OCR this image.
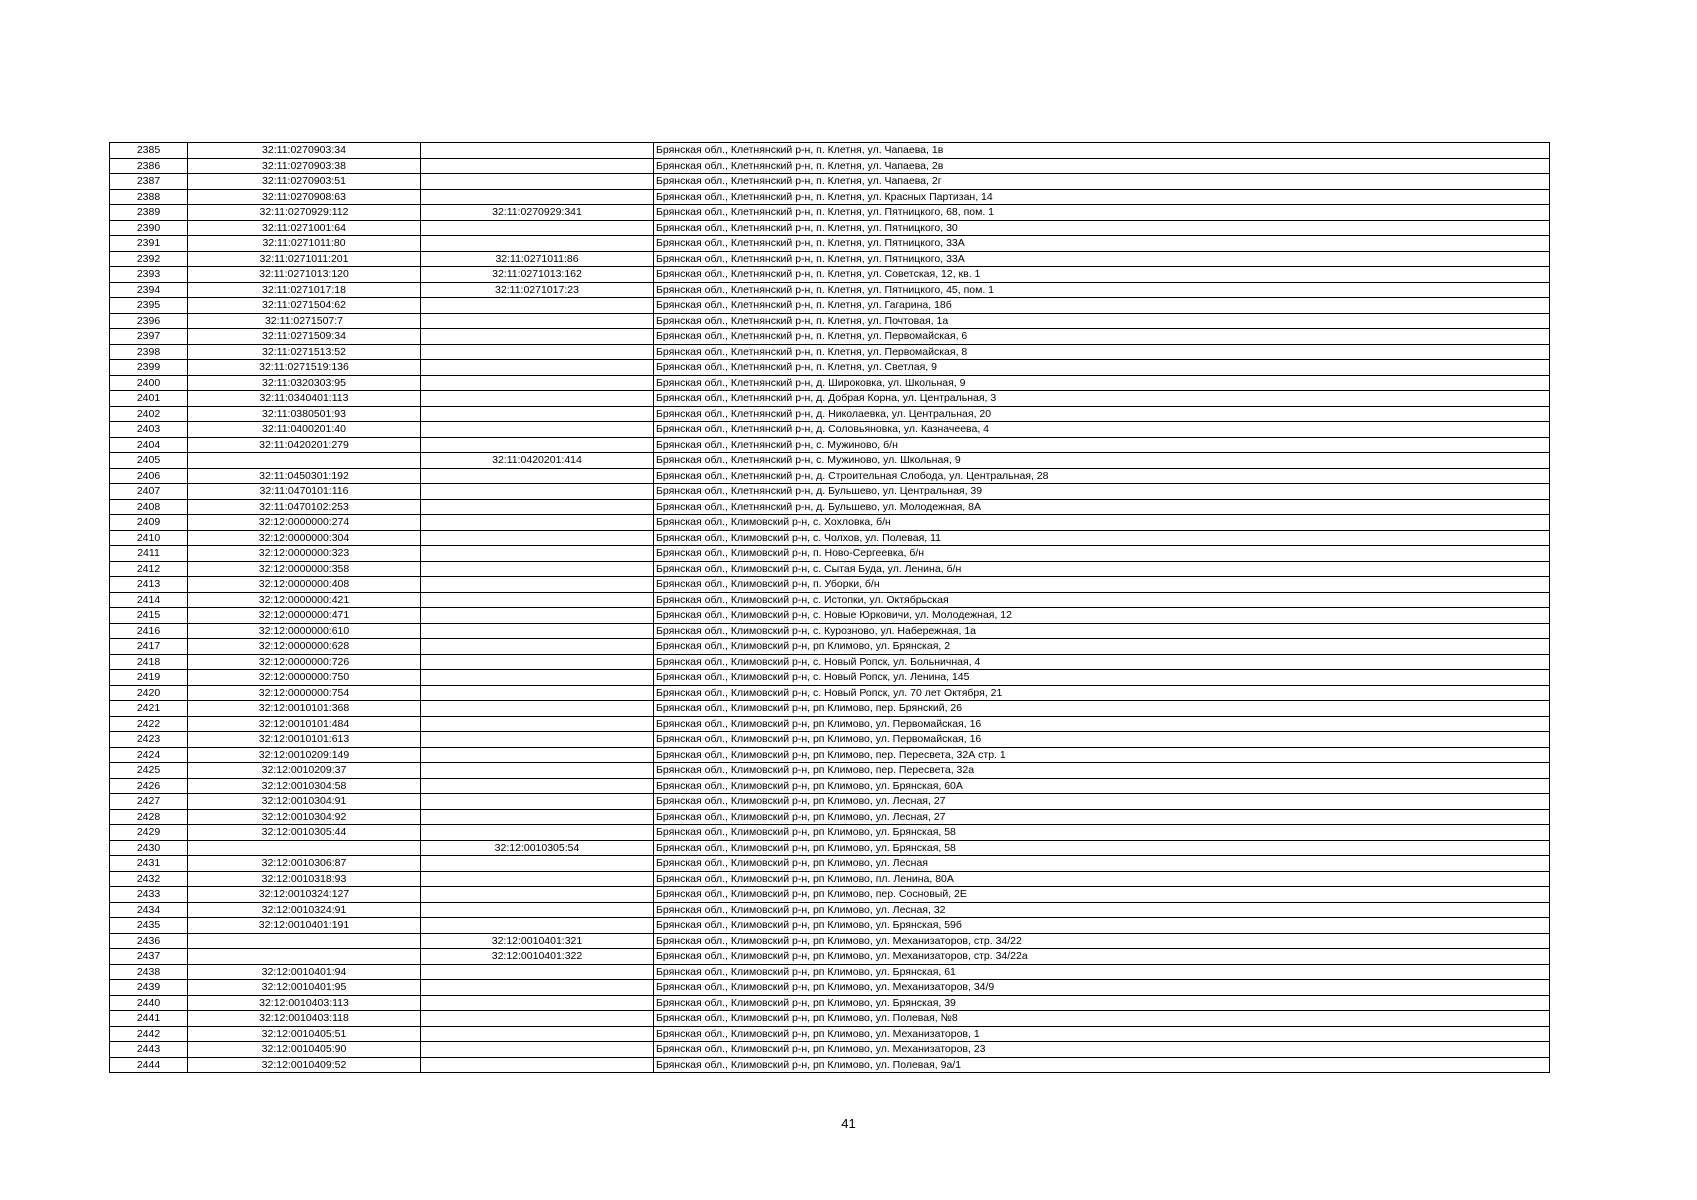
2385	32:11:0270903:34		Брянская обл., Клетнянский р-н, п. Клетня, ул. Чапаева, 1в
2386	32:11:0270903:38		Брянская обл., Клетнянский р-н, п. Клетня, ул. Чапаева, 2в
2387	32:11:0270903:51		Брянская обл., Клетнянский р-н, п. Клетня, ул. Чапаева, 2г
2388	32:11:0270908:63		Брянская обл., Клетнянский р-н, п. Клетня, ул. Красных Партизан, 14
2389	32:11:0270929:112	32:11:0270929:341	Брянская обл., Клетнянский р-н, п. Клетня, ул. Пятницкого, 68, пом. 1
2390	32:11:0271001:64		Брянская обл., Клетнянский р-н, п. Клетня, ул. Пятницкого, 30
2391	32:11:0271011:80		Брянская обл., Клетнянский р-н, п. Клетня, ул. Пятницкого, 33А
2392	32:11:0271011:201	32:11:0271011:86	Брянская обл., Клетнянский р-н, п. Клетня, ул. Пятницкого, 33А
2393	32:11:0271013:120	32:11:0271013:162	Брянская обл., Клетнянский р-н, п. Клетня, ул. Советская, 12, кв. 1
2394	32:11:0271017:18	32:11:0271017:23	Брянская обл., Клетнянский р-н, п. Клетня, ул. Пятницкого, 45, пом. 1
2395	32:11:0271504:62		Брянская обл., Клетнянский р-н, п. Клетня, ул. Гагарина, 18б
2396	32:11:0271507:7		Брянская обл., Клетнянский р-н, п. Клетня, ул. Почтовая, 1а
2397	32:11:0271509:34		Брянская обл., Клетнянский р-н, п. Клетня, ул. Первомайская, 6
2398	32:11:0271513:52		Брянская обл., Клетнянский р-н, п. Клетня, ул. Первомайская, 8
2399	32:11:0271519:136		Брянская обл., Клетнянский р-н, п. Клетня, ул. Светлая, 9
2400	32:11:0320303:95		Брянская обл., Клетнянский р-н, д. Широковка, ул. Школьная, 9
2401	32:11:0340401:113		Брянская обл., Клетнянский р-н, д. Добрая Корна, ул. Центральная, 3
2402	32:11:0380501:93		Брянская обл., Клетнянский р-н, д. Николаевка, ул. Центральная, 20
2403	32:11:0400201:40		Брянская обл., Клетнянский р-н, д. Соловьяновка, ул. Казначеева, 4
2404	32:11:0420201:279		Брянская обл., Клетнянский р-н, с. Мужиново, б/н
2405		32:11:0420201:414	Брянская обл., Клетнянский р-н, с. Мужиново, ул. Школьная, 9
2406	32:11:0450301:192		Брянская обл., Клетнянский р-н, д. Строительная Слобода, ул. Центральная, 28
2407	32:11:0470101:116		Брянская обл., Клетнянский р-н, д. Бульшево, ул. Центральная, 39
2408	32:11:0470102:253		Брянская обл., Клетнянский р-н, д. Бульшево, ул. Молодежная, 8А
2409	32:12:0000000:274		Брянская обл., Климовский р-н, с. Хохловка, б/н
2410	32:12:0000000:304		Брянская обл., Климовский р-н, с. Чолхов, ул. Полевая, 11
2411	32:12:0000000:323		Брянская обл., Климовский р-н, п. Ново-Сергеевка, б/н
2412	32:12:0000000:358		Брянская обл., Климовский р-н, с. Сытая Буда, ул. Ленина, б/н
2413	32:12:0000000:408		Брянская обл., Климовский р-н, п. Уборки, б/н
2414	32:12:0000000:421		Брянская обл., Климовский р-н, с. Истопки, ул. Октябрьская
2415	32:12:0000000:471		Брянская обл., Климовский р-н, с. Новые Юрковичи, ул. Молодежная, 12
2416	32:12:0000000:610		Брянская обл., Климовский р-н, с. Курозново, ул. Набережная, 1а
2417	32:12:0000000:628		Брянская обл., Климовский р-н, рп Климово, ул. Брянская, 2
2418	32:12:0000000:726		Брянская обл., Климовский р-н, с. Новый Ропск, ул. Больничная, 4
2419	32:12:0000000:750		Брянская обл., Климовский р-н, с. Новый Ропск, ул. Ленина, 145
2420	32:12:0000000:754		Брянская обл., Климовский р-н, с. Новый Ропск, ул. 70 лет Октября, 21
2421	32:12:0010101:368		Брянская обл., Климовский р-н, рп Климово, пер. Брянский, 26
2422	32:12:0010101:484		Брянская обл., Климовский р-н, рп Климово, ул. Первомайская, 16
2423	32:12:0010101:613		Брянская обл., Климовский р-н, рп Климово, ул. Первомайская, 16
2424	32:12:0010209:149		Брянская обл., Климовский р-н, рп Климово, пер. Пересвета, 32А стр. 1
2425	32:12:0010209:37		Брянская обл., Климовский р-н, рп Климово, пер. Пересвета, 32а
2426	32:12:0010304:58		Брянская обл., Климовский р-н, рп Климово, ул. Брянская, 60А
2427	32:12:0010304:91		Брянская обл., Климовский р-н, рп Климово, ул. Лесная, 27
2428	32:12:0010304:92		Брянская обл., Климовский р-н, рп Климово, ул. Лесная, 27
2429	32:12:0010305:44		Брянская обл., Климовский р-н, рп Климово, ул. Брянская, 58
2430		32:12:0010305:54	Брянская обл., Климовский р-н, рп Климово, ул. Брянская, 58
2431	32:12:0010306:87		Брянская обл., Климовский р-н, рп Климово, ул. Лесная
2432	32:12:0010318:93		Брянская обл., Климовский р-н, рп Климово, пл. Ленина, 80А
2433	32:12:0010324:127		Брянская обл., Климовский р-н, рп Климово, пер. Сосновый, 2Е
2434	32:12:0010324:91		Брянская обл., Климовский р-н, рп Климово, ул. Лесная, 32
2435	32:12:0010401:191		Брянская обл., Климовский р-н, рп Климово, ул. Брянская, 59б
2436		32:12:0010401:321	Брянская обл., Климовский р-н, рп Климово, ул. Механизаторов, стр. 34/22
2437		32:12:0010401:322	Брянская обл., Климовский р-н, рп Климово, ул. Механизаторов, стр. 34/22а
2438	32:12:0010401:94		Брянская обл., Климовский р-н, рп Климово, ул. Брянская, 61
2439	32:12:0010401:95		Брянская обл., Климовский р-н, рп Климово, ул. Механизаторов, 34/9
2440	32:12:0010403:113		Брянская обл., Климовский р-н, рп Климово, ул. Брянская, 39
2441	32:12:0010403:118		Брянская обл., Климовский р-н, рп Климово, ул. Полевая, №8
2442	32:12:0010405:51		Брянская обл., Климовский р-н, рп Климово, ул. Механизаторов, 1
2443	32:12:0010405:90		Брянская обл., Климовский р-н, рп Климово, ул. Механизаторов, 23
2444	32:12:0010409:52		Брянская обл., Климовский р-н, рп Климово, ул. Полевая, 9а/1
41
